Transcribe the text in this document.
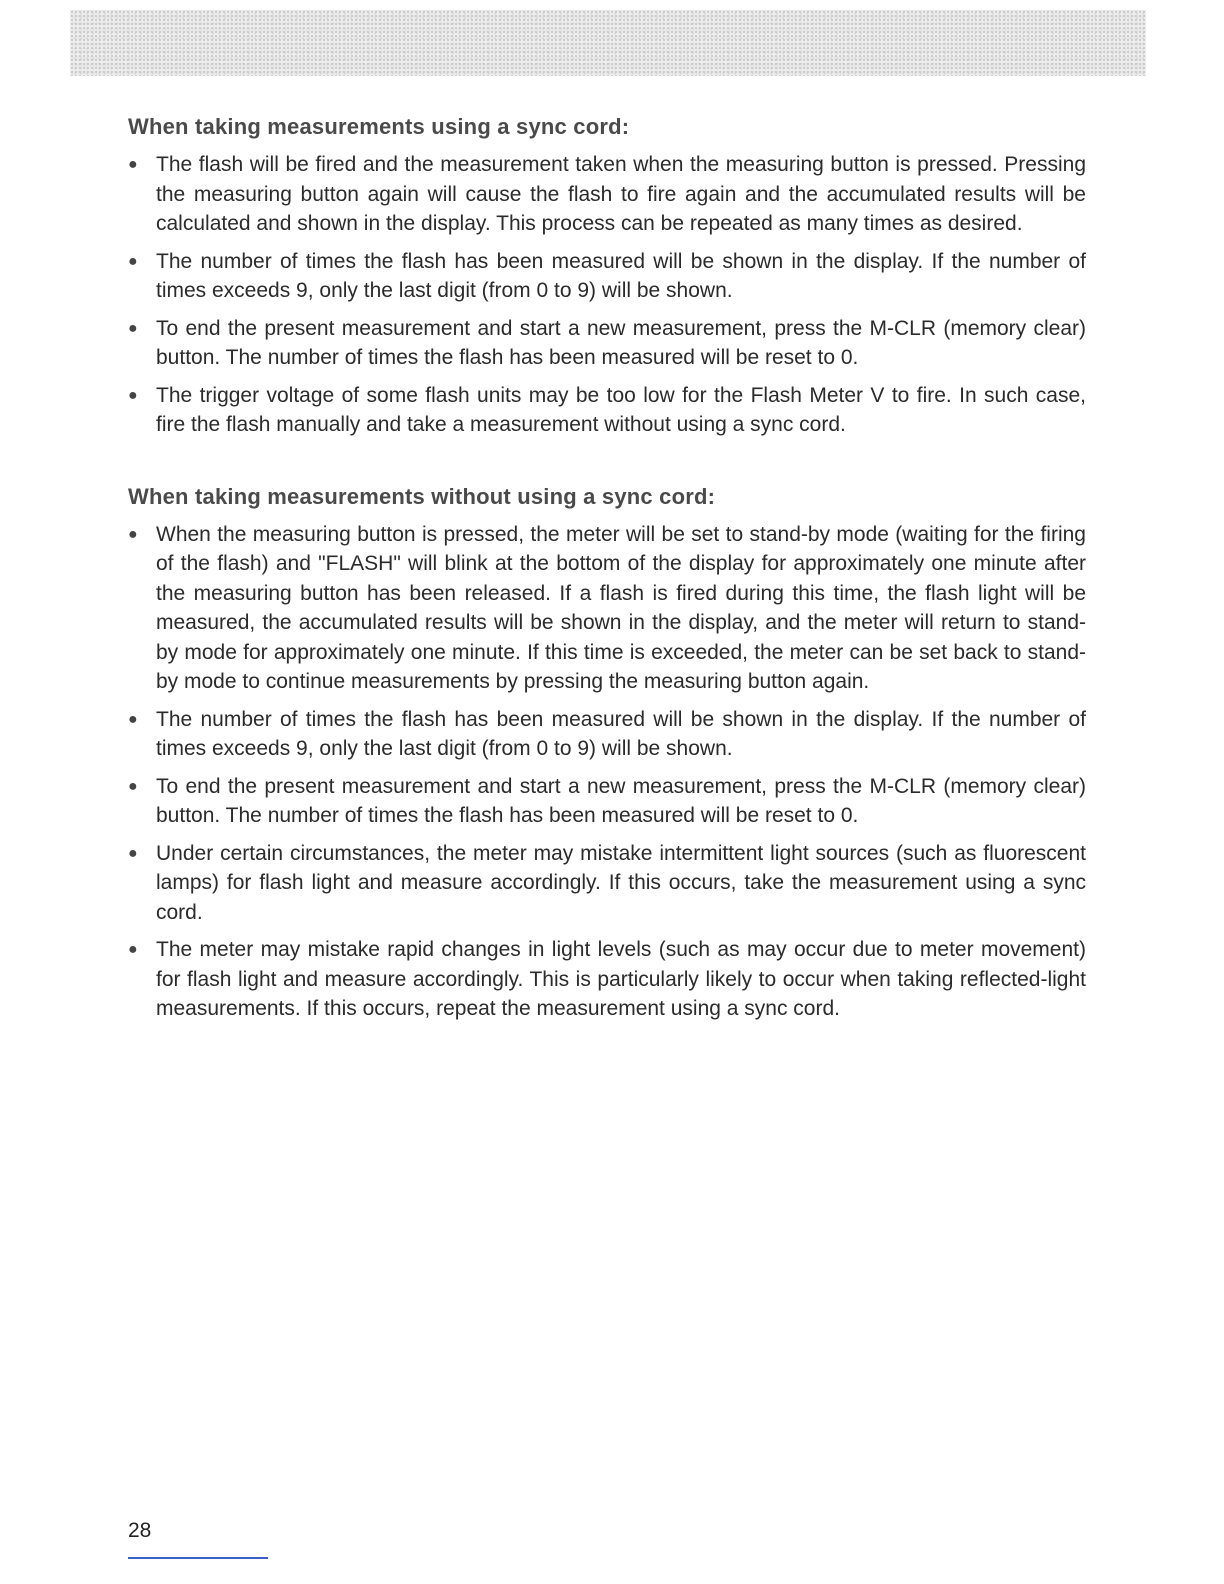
When taking measurements using a sync cord:
● The flash will be fired and the measurement taken when the measuring button is pressed. Pressing the measuring button again will cause the flash to fire again and the accumulated results will be calculated and shown in the display. This process can be repeated as many times as desired.
● The number of times the flash has been measured will be shown in the display. If the number of times exceeds 9, only the last digit (from 0 to 9) will be shown.
● To end the present measurement and start a new measurement, press the M-CLR (memory clear) button. The number of times the flash has been measured will be reset to 0.
● The trigger voltage of some flash units may be too low for the Flash Meter V to fire. In such case, fire the flash manually and take a measurement without using a sync cord.
When taking measurements without using a sync cord:
● When the measuring button is pressed, the meter will be set to stand-by mode (waiting for the firing of the flash) and "FLASH" will blink at the bottom of the display for approximately one minute after the measuring button has been released. If a flash is fired during this time, the flash light will be measured, the accumulated results will be shown in the display, and the meter will return to stand-by mode for approximately one minute. If this time is exceeded, the meter can be set back to stand-by mode to continue measurements by pressing the measuring button again.
● The number of times the flash has been measured will be shown in the display. If the number of times exceeds 9, only the last digit (from 0 to 9) will be shown.
● To end the present measurement and start a new measurement, press the M-CLR (memory clear) button. The number of times the flash has been measured will be reset to 0.
● Under certain circumstances, the meter may mistake intermittent light sources (such as fluorescent lamps) for flash light and measure accordingly. If this occurs, take the measurement using a sync cord.
● The meter may mistake rapid changes in light levels (such as may occur due to meter movement) for flash light and measure accordingly. This is particularly likely to occur when taking reflected-light measurements. If this occurs, repeat the measurement using a sync cord.
28
